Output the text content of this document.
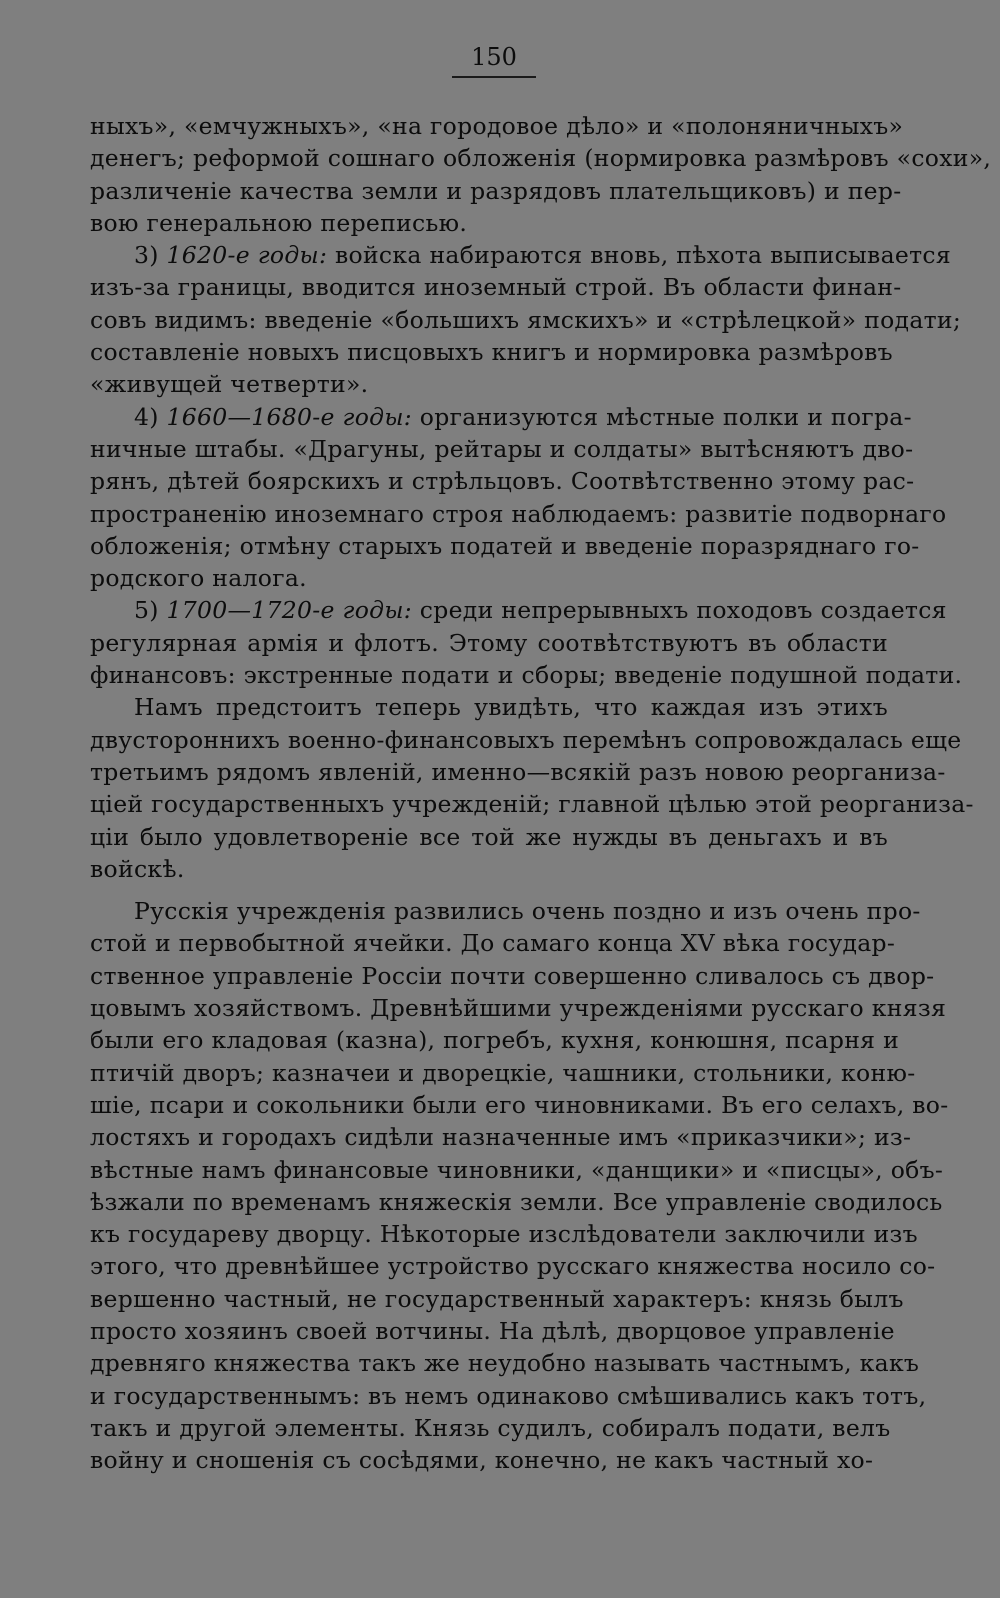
150
ныхъ», «емчужныхъ», «на городовое дѣло» и «полоняничныхъ»
денегъ; реформой сошнаго обложенія (нормировка размѣровъ «сохи»,
различеніе качества земли и разрядовъ плательщиковъ) и пер-
вою генеральною переписью.
3) 1620-е годы: войска набираются вновь, пѣхота выписывается
изъ-за границы, вводится иноземный строй. Въ области финан-
совъ видимъ: введеніе «большихъ ямскихъ» и «стрѣлецкой» подати;
составленіе новыхъ писцовыхъ книгъ и нормировка размѣровъ
«живущей четверти».
4) 1660—1680-е годы: организуются мѣстные полки и погра-
ничные штабы. «Драгуны, рейтары и солдаты» вытѣсняютъ дво-
рянъ, дѣтей боярскихъ и стрѣльцовъ. Соотвѣтственно этому рас-
пространенію иноземнаго строя наблюдаемъ: развитіе подворнаго
обложенія; отмѣну старыхъ податей и введеніе поразряднаго го-
родского налога.
5) 1700—1720-е годы: среди непрерывныхъ походовъ создается
регулярная армія и флотъ. Этому соотвѣтствуютъ въ области
финансовъ: экстренные подати и сборы; введеніе подушной подати.
Намъ предстоитъ теперь увидѣть, что каждая изъ этихъ
двустороннихъ военно-финансовыхъ перемѣнъ сопровождалась еще
третьимъ рядомъ явленій, именно—всякій разъ новою реорганиза-
ціей государственныхъ учрежденій; главной цѣлью этой реорганиза-
ціи было удовлетвореніе все той же нужды въ деньгахъ и въ
войскѣ.
Русскія учрежденія развились очень поздно и изъ очень про-
стой и первобытной ячейки. До самаго конца XV вѣка государ-
ственное управленіе Россіи почти совершенно сливалось съ двор-
цовымъ хозяйствомъ. Древнѣйшими учрежденіями русскаго князя
были его кладовая (казна), погребъ, кухня, конюшня, псарня и
птичій дворъ; казначеи и дворецкіе, чашники, стольники, коню-
шіе, псари и сокольники были его чиновниками. Въ его селахъ, во-
лостяхъ и городахъ сидѣли назначенные имъ «приказчики»; из-
вѣстные намъ финансовые чиновники, «данщики» и «писцы», объ-
ѣзжали по временамъ княжескія земли. Все управленіе сводилось
къ государеву дворцу. Нѣкоторые изслѣдователи заключили изъ
этого, что древнѣйшее устройство русскаго княжества носило со-
вершенно частный, не государственный характеръ: князь былъ
просто хозяинъ своей вотчины. На дѣлѣ, дворцовое управленіе
древняго княжества такъ же неудобно называть частнымъ, какъ
и государственнымъ: въ немъ одинаково смѣшивались какъ тотъ,
такъ и другой элементы. Князь судилъ, собиралъ подати, велъ
войну и сношенія съ сосѣдями, конечно, не какъ частный хо-
